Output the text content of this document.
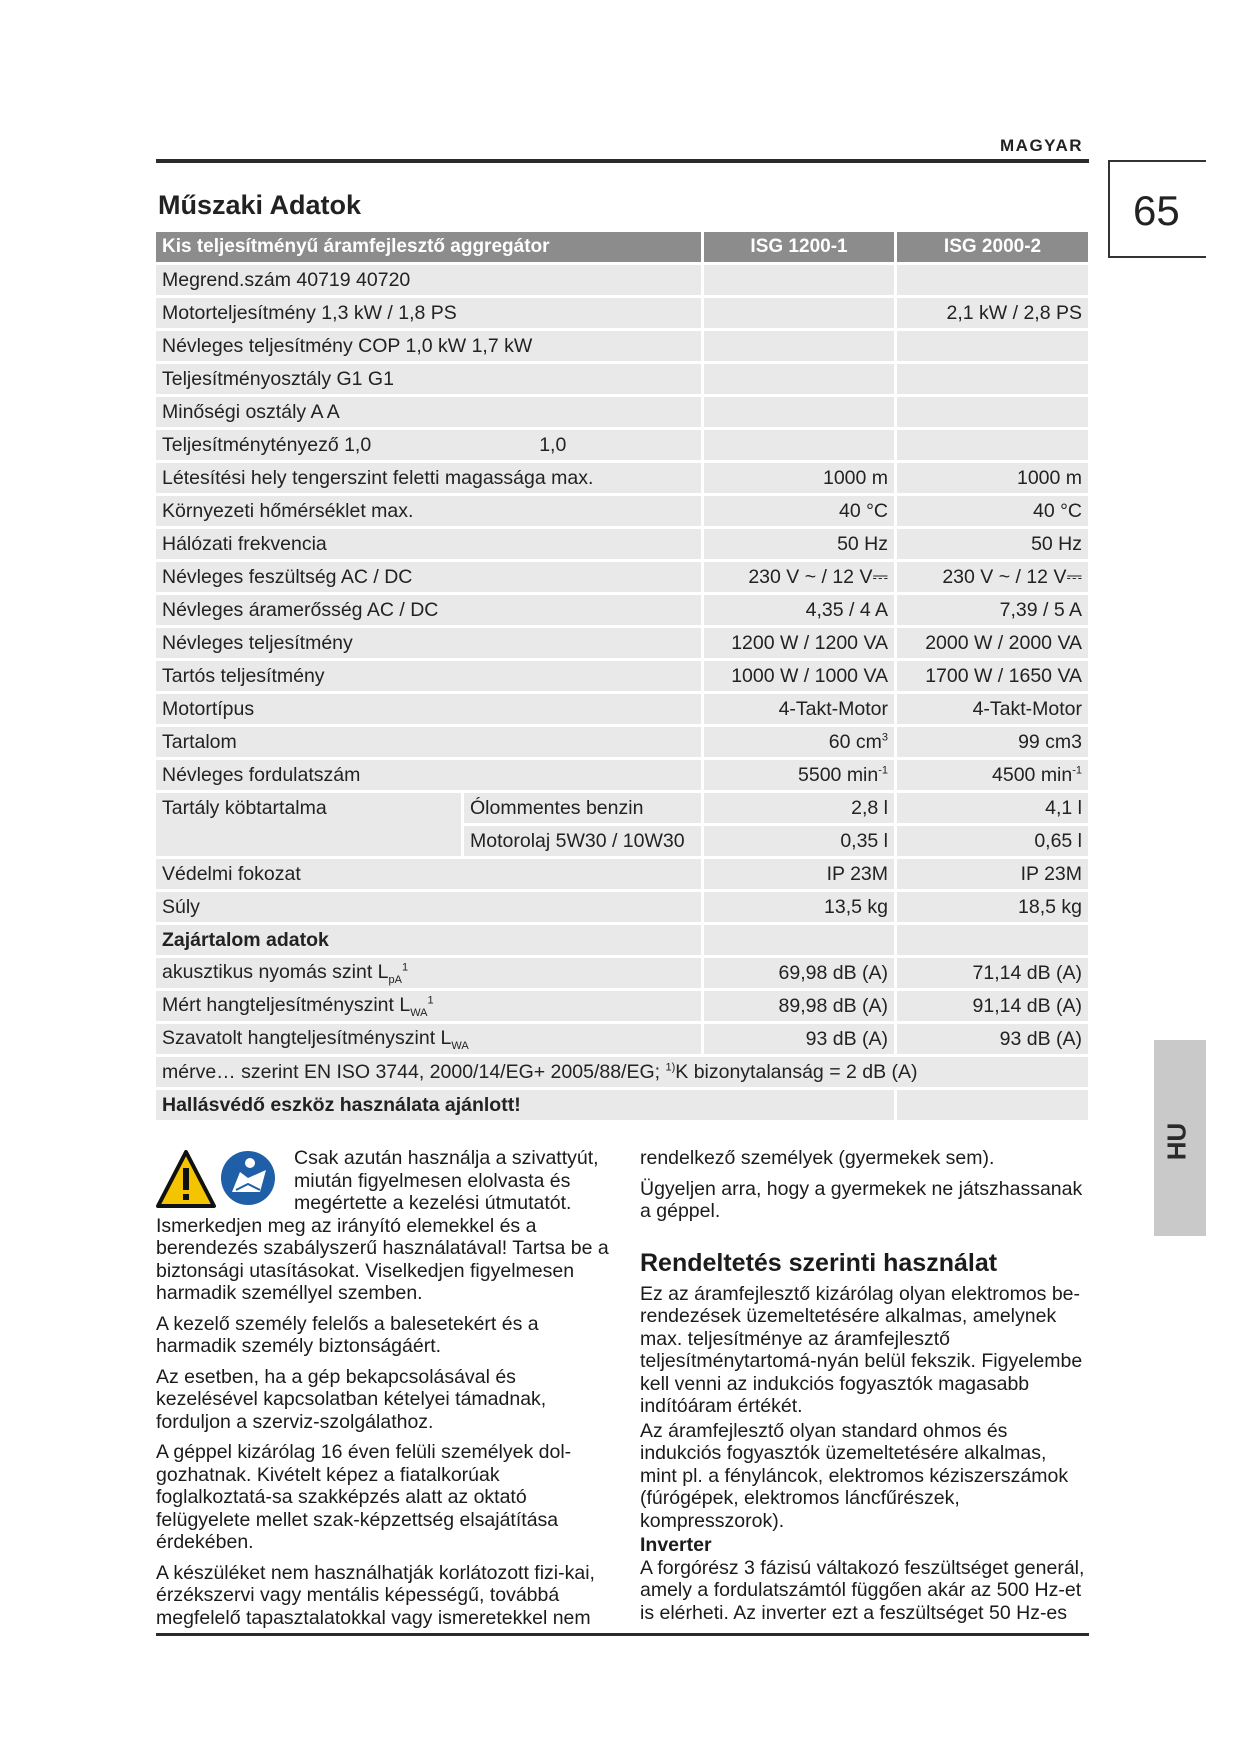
MAGYAR
65
Műszaki Adatok
Kis teljesítményű áramfejlesztő aggregátor		ISG 1200-1	ISG 2000-2
Megrend.szám 40719 40720			
Motorteljesítmény 1,3 kW / 1,8 PS			2,1 kW / 2,8 PS
Névleges teljesítmény COP 1,0 kW 1,7 kW			
Teljesítményosztály G1 G1			
Minőségi osztály A A			
Teljesítménytényező 1,0 1,0			
Létesítési hely tengerszint feletti magassága max.		1000 m	1000 m
Környezeti hőmérséklet max.		40 °C	40 °C
Hálózati frekvencia		50 Hz	50 Hz
Névleges feszültség AC / DC		230 V ~ / 12 V⎓	230 V ~ / 12 V⎓
Névleges áramerősség AC / DC		4,35 / 4 A	7,39 / 5 A
Névleges teljesítmény		1200 W / 1200 VA	2000 W / 2000 VA
Tartós teljesítmény		1000 W / 1000 VA	1700 W / 1650 VA
Motortípus		4-Takt-Motor	4-Takt-Motor
Tartalom		60 $cm^3$	99 cm3
Névleges fordulatszám		5500 $\min^{-1}$	4500 $\min^{-1}$
Tartály köbtartalma	Ólommentes benzin	2,8 l	4,1 l
	Motorolaj 5W30 / 10W30	0,35 l	0,65 l
Védelmi fokozat		IP 23M	IP 23M
Súly		13,5 kg	18,5 kg
Zajártalom adatok			
akusztikus nyomás szint $L_{pA}^1$		69,98 dB (A)	71,14 dB (A)
Mért hangteljesítményszint $L_{WA}^1$		89,98 dB (A)	91,14 dB (A)
Szavatolt hangteljesítményszint $L_{WA}$		93 dB (A)	93 dB (A)
mérve… szerint EN ISO 3744, 2000/14/EG+ 2005/88/EG; $^{1)}$K bizonytalanság = 2 dB (A)			
Hallásvédő eszköz használata ajánlott!			

Csak azután használja a szivattyút,
miután figyelmesen elolvasta és
megértette a kezelési útmutatót.
Ismerkedjen meg az irányító elemekkel és a berendezés szabályszerű használatával! Tartsa be a biztonsági utasításokat. Viselkedjen figyelmesen harmadik személlyel szemben.

A kezelő személy felelős a balesetekért és a harmadik személy biztonságáért.

Az esetben, ha a gép bekapcsolásával és kezelésével kapcsolatban kételyei támadnak, forduljon a szerviz-szolgálathoz.

A géppel kizárólag 16 éven felüli személyek dol-gozhatnak. Kivételt képez a fiatalkorúak foglalkoztatá-sa szakképzés alatt az oktató felügyelete mellet szak-képzettség elsajátítása érdekében.

A készüléket nem használhatják korlátozott fizi-kai, érzékszervi vagy mentális képességű, továbbá megfelelő tapasztalatokkal vagy ismeretekkel nem

rendelkező személyek (gyermekek sem).

Ügyeljen arra, hogy a gyermekek ne játszhassanak a géppel.

Rendeltetés szerinti használat

Ez az áramfejlesztő kizárólag olyan elektromos be-rendezések üzemeltetésére alkalmas, amelynek max. teljesítménye az áramfejlesztő teljesítménytartomá-nyán belül fekszik. Figyelembe kell venni az indukciós fogyasztók magasabb indítóáram értékét.

Az áramfejlesztő olyan standard ohmos és indukciós fogyasztók üzemeltetésére alkalmas, mint pl. a fényláncok, elektromos kéziszerszámok (fúrógépek, elektromos láncfűrészek, kompresszorok).

Inverter

A forgórész 3 fázisú váltakozó feszültséget generál, amely a fordulatszámtól függően akár az 500 Hz-et is elérheti. Az inverter ezt a feszültséget 50 Hz-es

HU
